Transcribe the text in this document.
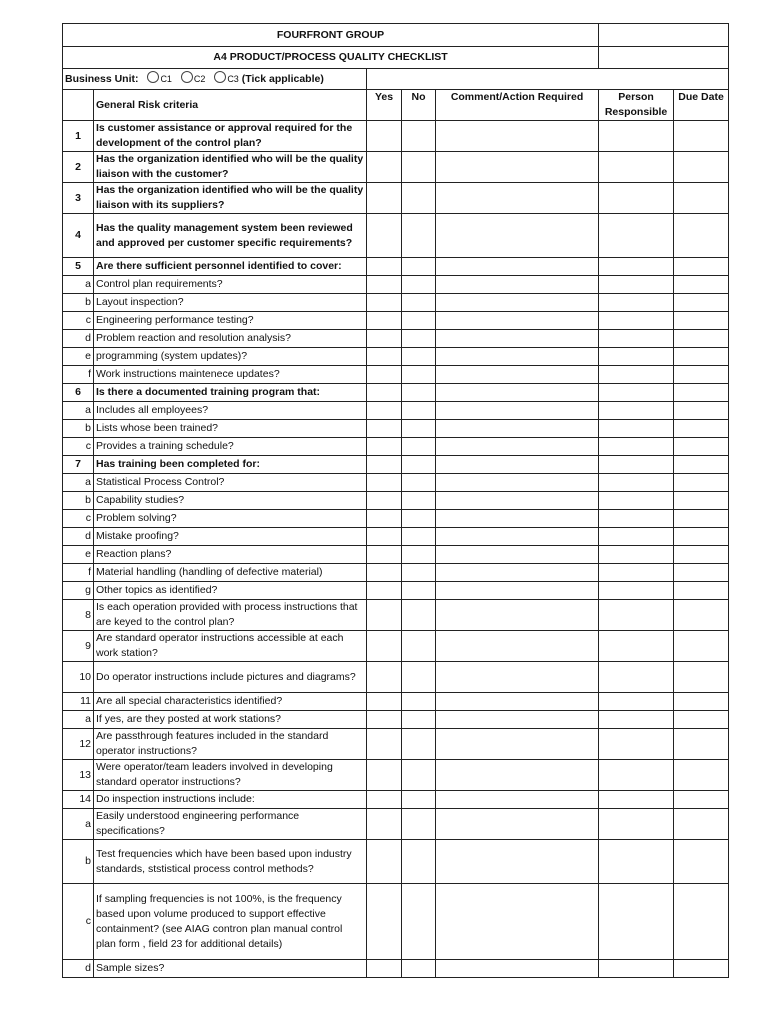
FOURFRONT GROUP						
A4 PRODUCT/PROCESS QUALITY CHECKLIST						
Business Unit: C1 C2 C3 (Tick applicable)						
	General Risk criteria	Yes	No	Comment/Action Required	Person Responsible	Due Date
1	Is customer assistance or approval required for the development of the control plan?					
2	Has the organization identified who will be the quality liaison with the customer?					
3	Has the organization identified who will be the quality liaison with its suppliers?					
4	Has the quality management system been reviewed and approved per customer specific requirements?					
5	Are there sufficient personnel identified to cover:					
a	Control plan requirements?					
b	Layout inspection?					
c	Engineering performance testing?					
d	Problem reaction and resolution analysis?					
e	programming (system updates)?					
f	Work instructions maintenece updates?					
6	Is there a documented training program that:					
a	Includes all employees?					
b	Lists whose been trained?					
c	Provides a training schedule?					
7	Has training been completed for:					
a	Statistical Process Control?					
b	Capability studies?					
c	Problem solving?					
d	Mistake proofing?					
e	Reaction plans?					
f	Material handling (handling of defective material)					
g	Other topics as identified?					
8	Is each operation provided with process instructions that are keyed to the control plan?					
9	Are standard operator instructions accessible at each work station?					
10	Do operator instructions include pictures and diagrams?					
11	Are all special characteristics identified?					
a	If yes, are they posted at work stations?					
12	Are passthrough features included in the standard operator instructions?					
13	Were operator/team leaders involved in developing standard operator instructions?					
14	Do inspection instructions include:					
a	Easily understood engineering performance specifications?					
b	Test frequencies which have been based upon industry standards, ststistical process control methods?					
c	If sampling frequencies is not 100%, is the frequency based upon volume produced to support effective containment? (see AIAG contron plan manual control plan form , field 23 for additional details)					
d	Sample sizes?					
